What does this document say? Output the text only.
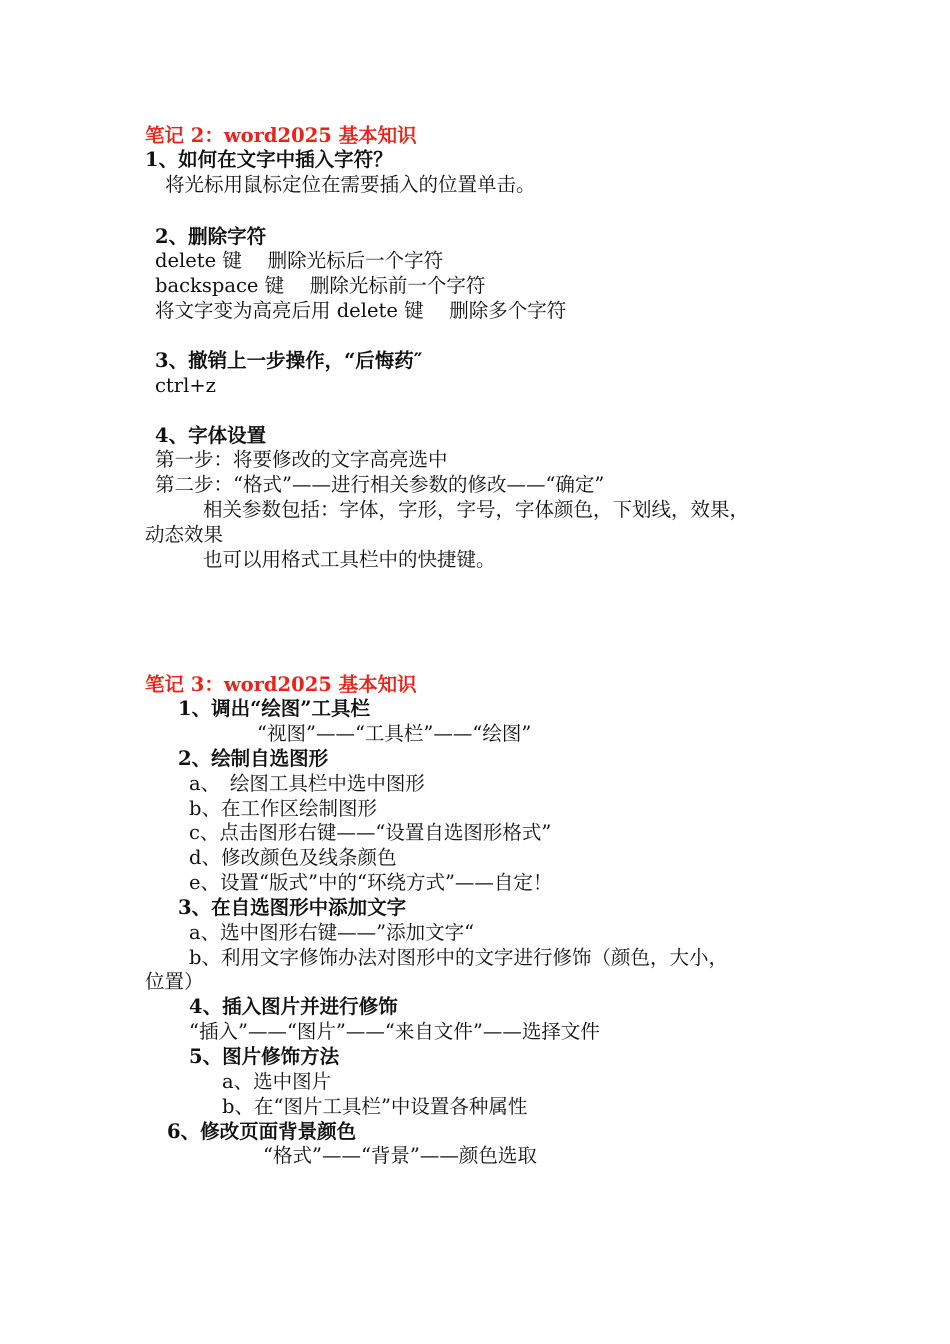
笔记 2：word2025 基本知识
1、如何在文字中插入字符？
将光标用鼠标定位在需要插入的位置单击。
2、删除字符
delete 键　 删除光标后一个字符
backspace 键　 删除光标前一个字符
将文字变为高亮后用 delete 键　 删除多个字符
3、撤销上一步操作，“后悔药″
ctrl+z
4、字体设置
第一步：将要修改的文字高亮选中
第二步：“格式”——进行相关参数的修改——“确定”
相关参数包括：字体，字形，字号，字体颜色，下划线，效果，
动态效果
也可以用格式工具栏中的快捷键。
笔记 3：word2025 基本知识
1、调出“绘图”工具栏
“视图”——“工具栏”——“绘图”
2、绘制自选图形
a、　绘图工具栏中选中图形
b、在工作区绘制图形
c、点击图形右键——“设置自选图形格式”
d、修改颜色及线条颜色
e、设置“版式”中的“环绕方式”——自定！
3、在自选图形中添加文字
a、选中图形右键——”添加文字“
b、利用文字修饰办法对图形中的文字进行修饰（颜色，大小，
位置）
4、插入图片并进行修饰
“插入”——“图片”——“来自文件”——选择文件
5、图片修饰方法
a、选中图片
b、在“图片工具栏”中设置各种属性
6、修改页面背景颜色
“格式”——“背景”——颜色选取
